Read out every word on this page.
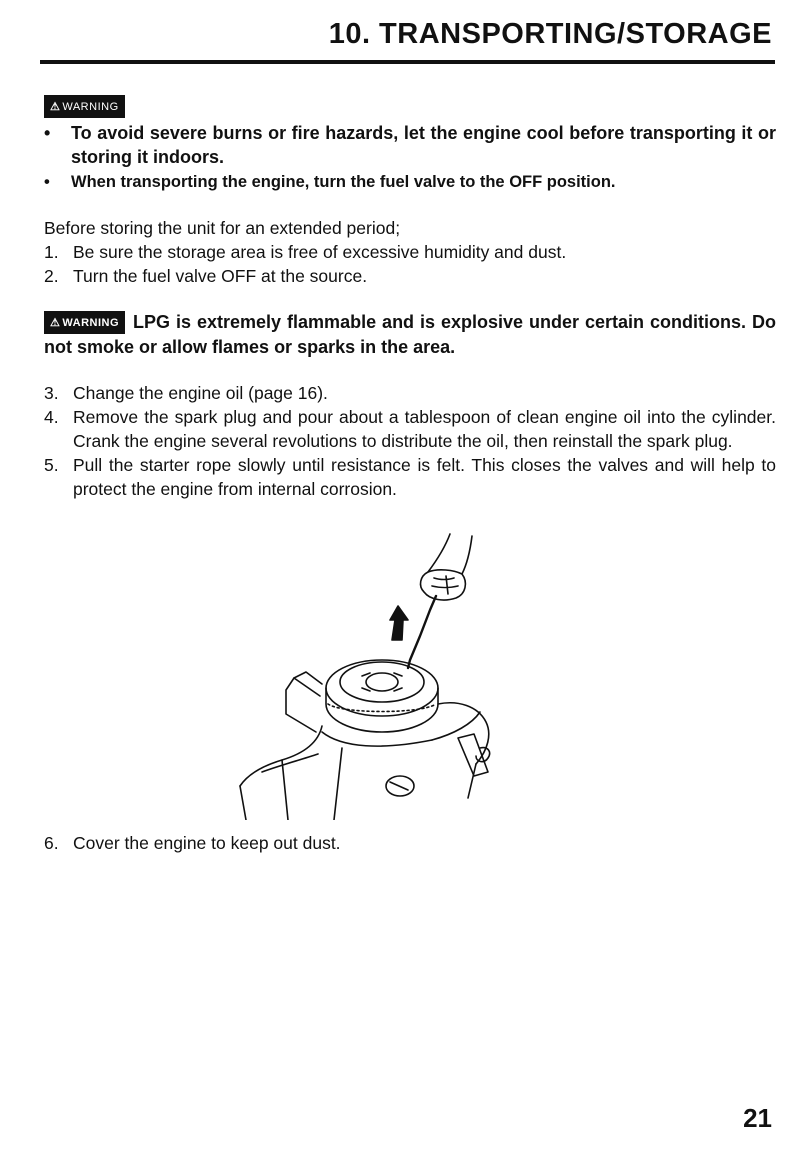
10. TRANSPORTING/STORAGE
⚠ WARNING
• To avoid severe burns or fire hazards, let the engine cool before transporting it or storing it indoors.
• When transporting the engine, turn the fuel valve to the OFF position.
Before storing the unit for an extended period;
1. Be sure the storage area is free of excessive humidity and dust.
2. Turn the fuel valve OFF at the source.
⚠ WARNING LPG is extremely flammable and is explosive under certain conditions. Do not smoke or allow flames or sparks in the area.
3. Change the engine oil (page 16).
4. Remove the spark plug and pour about a tablespoon of clean engine oil into the cylinder. Crank the engine several revolutions to distribute the oil, then reinstall the spark plug.
5. Pull the starter rope slowly until resistance is felt. This closes the valves and will help to protect the engine from internal corrosion.
6. Cover the engine to keep out dust.
21
